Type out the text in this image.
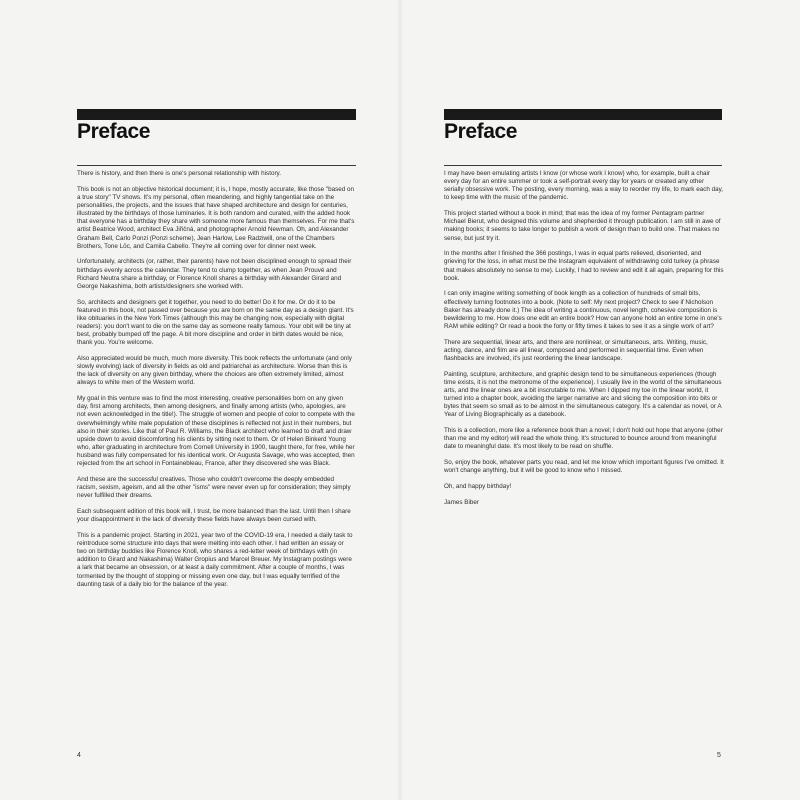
Preface

There is history, and then there is one's personal relationship with history.

This book is not an objective historical document; it is, I hope, mostly accurate, like those "based on a true story" TV shows. It's my personal, often meandering, and highly tangential take on the personalities, the projects, and the issues that have shaped architecture and design for centuries, illustrated by the birthdays of those luminaries. It is both random and curated, with the added hook that everyone has a birthday they share with someone more famous than themselves. For me that's artist Beatrice Wood, architect Eva Jiřičná, and photographer Arnold Newman. Oh, and Alexander Graham Bell, Carlo Ponzi (Ponzi scheme), Jean Harlow, Lee Radziwill, one of the Chambers Brothers, Tone Lōc, and Camila Cabello. They're all coming over for dinner next week.

Unfortunately, architects (or, rather, their parents) have not been disciplined enough to spread their birthdays evenly across the calendar. They tend to clump together, as when Jean Prouvé and Richard Neutra share a birthday, or Florence Knoll shares a birthday with Alexander Girard and George Nakashima, both artists/designers she worked with.

So, architects and designers get it together, you need to do better! Do it for me. Or do it to be featured in this book, not passed over because you are born on the same day as a design giant. It's like obituaries in the New York Times (although this may be changing now, especially with digital readers): you don't want to die on the same day as someone really famous. Your obit will be tiny at best, probably bumped off the page. A bit more discipline and order in birth dates would be nice, thank you. You're welcome.

Also appreciated would be much, much more diversity. This book reflects the unfortunate (and only slowly evolving) lack of diversity in fields as old and patriarchal as architecture. Worse than this is the lack of diversity on any given birthday, where the choices are often extremely limited, almost always to white men of the Western world.

My goal in this venture was to find the most interesting, creative personalities born on any given day, first among architects, then among designers, and finally among artists (who, apologies, are not even acknowledged in the title!). The struggle of women and people of color to compete with the overwhelmingly white male population of these disciplines is reflected not just in their numbers, but also in their stories. Like that of Paul R. Williams, the Black architect who learned to draft and draw upside down to avoid discomforting his clients by sitting next to them. Or of Helen Binkerd Young who, after graduating in architecture from Cornell University in 1900, taught there, for free, while her husband was fully compensated for his identical work. Or Augusta Savage, who was accepted, then rejected from the art school in Fontainebleau, France, after they discovered she was Black.

And these are the successful creatives. Those who couldn't overcome the deeply embedded racism, sexism, ageism, and all the other "isms" were never even up for consideration; they simply never fulfilled their dreams.

Each subsequent edition of this book will, I trust, be more balanced than the last. Until then I share your disappointment in the lack of diversity these fields have always been cursed with.

This is a pandemic project. Starting in 2021, year two of the COVID-19 era, I needed a daily task to reintroduce some structure into days that were melting into each other. I had written an essay or two on birthday buddies like Florence Knoll, who shares a red-letter week of birthdays with (in addition to Girard and Nakashima) Walter Gropius and Marcel Breuer. My Instagram postings were a lark that became an obsession, or at least a daily commitment. After a couple of months, I was tormented by the thought of stopping or missing even one day, but I was equally terrified of the daunting task of a daily bio for the balance of the year.

4
Preface

I may have been emulating artists I know (or whose work I know) who, for example, built a chair every day for an entire summer or took a self-portrait every day for years or created any other serially obsessive work. The posting, every morning, was a way to reorder my life, to mark each day, to keep time with the music of the pandemic.

This project started without a book in mind; that was the idea of my former Pentagram partner Michael Bierut, who designed this volume and shepherded it through publication. I am still in awe of making books; it seems to take longer to publish a work of design than to build one. That makes no sense, but just try it.

In the months after I finished the 366 postings, I was in equal parts relieved, disoriented, and grieving for the loss, in what must be the Instagram equivalent of withdrawing cold turkey (a phrase that makes absolutely no sense to me). Luckily, I had to review and edit it all again, preparing for this book.

I can only imagine writing something of book length as a collection of hundreds of small bits, effectively turning footnotes into a book. (Note to self: My next project? Check to see if Nicholson Baker has already done it.) The idea of writing a continuous, novel length, cohesive composition is bewildering to me. How does one edit an entire book? How can anyone hold an entire tome in one's RAM while editing? Or read a book the forty or fifty times it takes to see it as a single work of art?

There are sequential, linear arts, and there are nonlinear, or simultaneous, arts. Writing, music, acting, dance, and film are all linear, composed and performed in sequential time. Even when flashbacks are involved, it's just reordering the linear landscape.

Painting, sculpture, architecture, and graphic design tend to be simultaneous experiences (though time exists, it is not the metronome of the experience). I usually live in the world of the simultaneous arts, and the linear ones are a bit inscrutable to me. When I dipped my toe in the linear world, it turned into a chapter book, avoiding the larger narrative arc and slicing the composition into bits or bytes that seem so small as to be almost in the simultaneous category. It's a calendar as novel, or A Year of Living Biographically as a datebook.

This is a collection, more like a reference book than a novel; I don't hold out hope that anyone (other than me and my editor) will read the whole thing. It's structured to bounce around from meaningful date to meaningful date. It's most likely to be read on shuffle.

So, enjoy the book, whatever parts you read, and let me know which important figures I've omitted. It won't change anything, but it will be good to know who I missed.

Oh, and happy birthday!

James Biber

5
